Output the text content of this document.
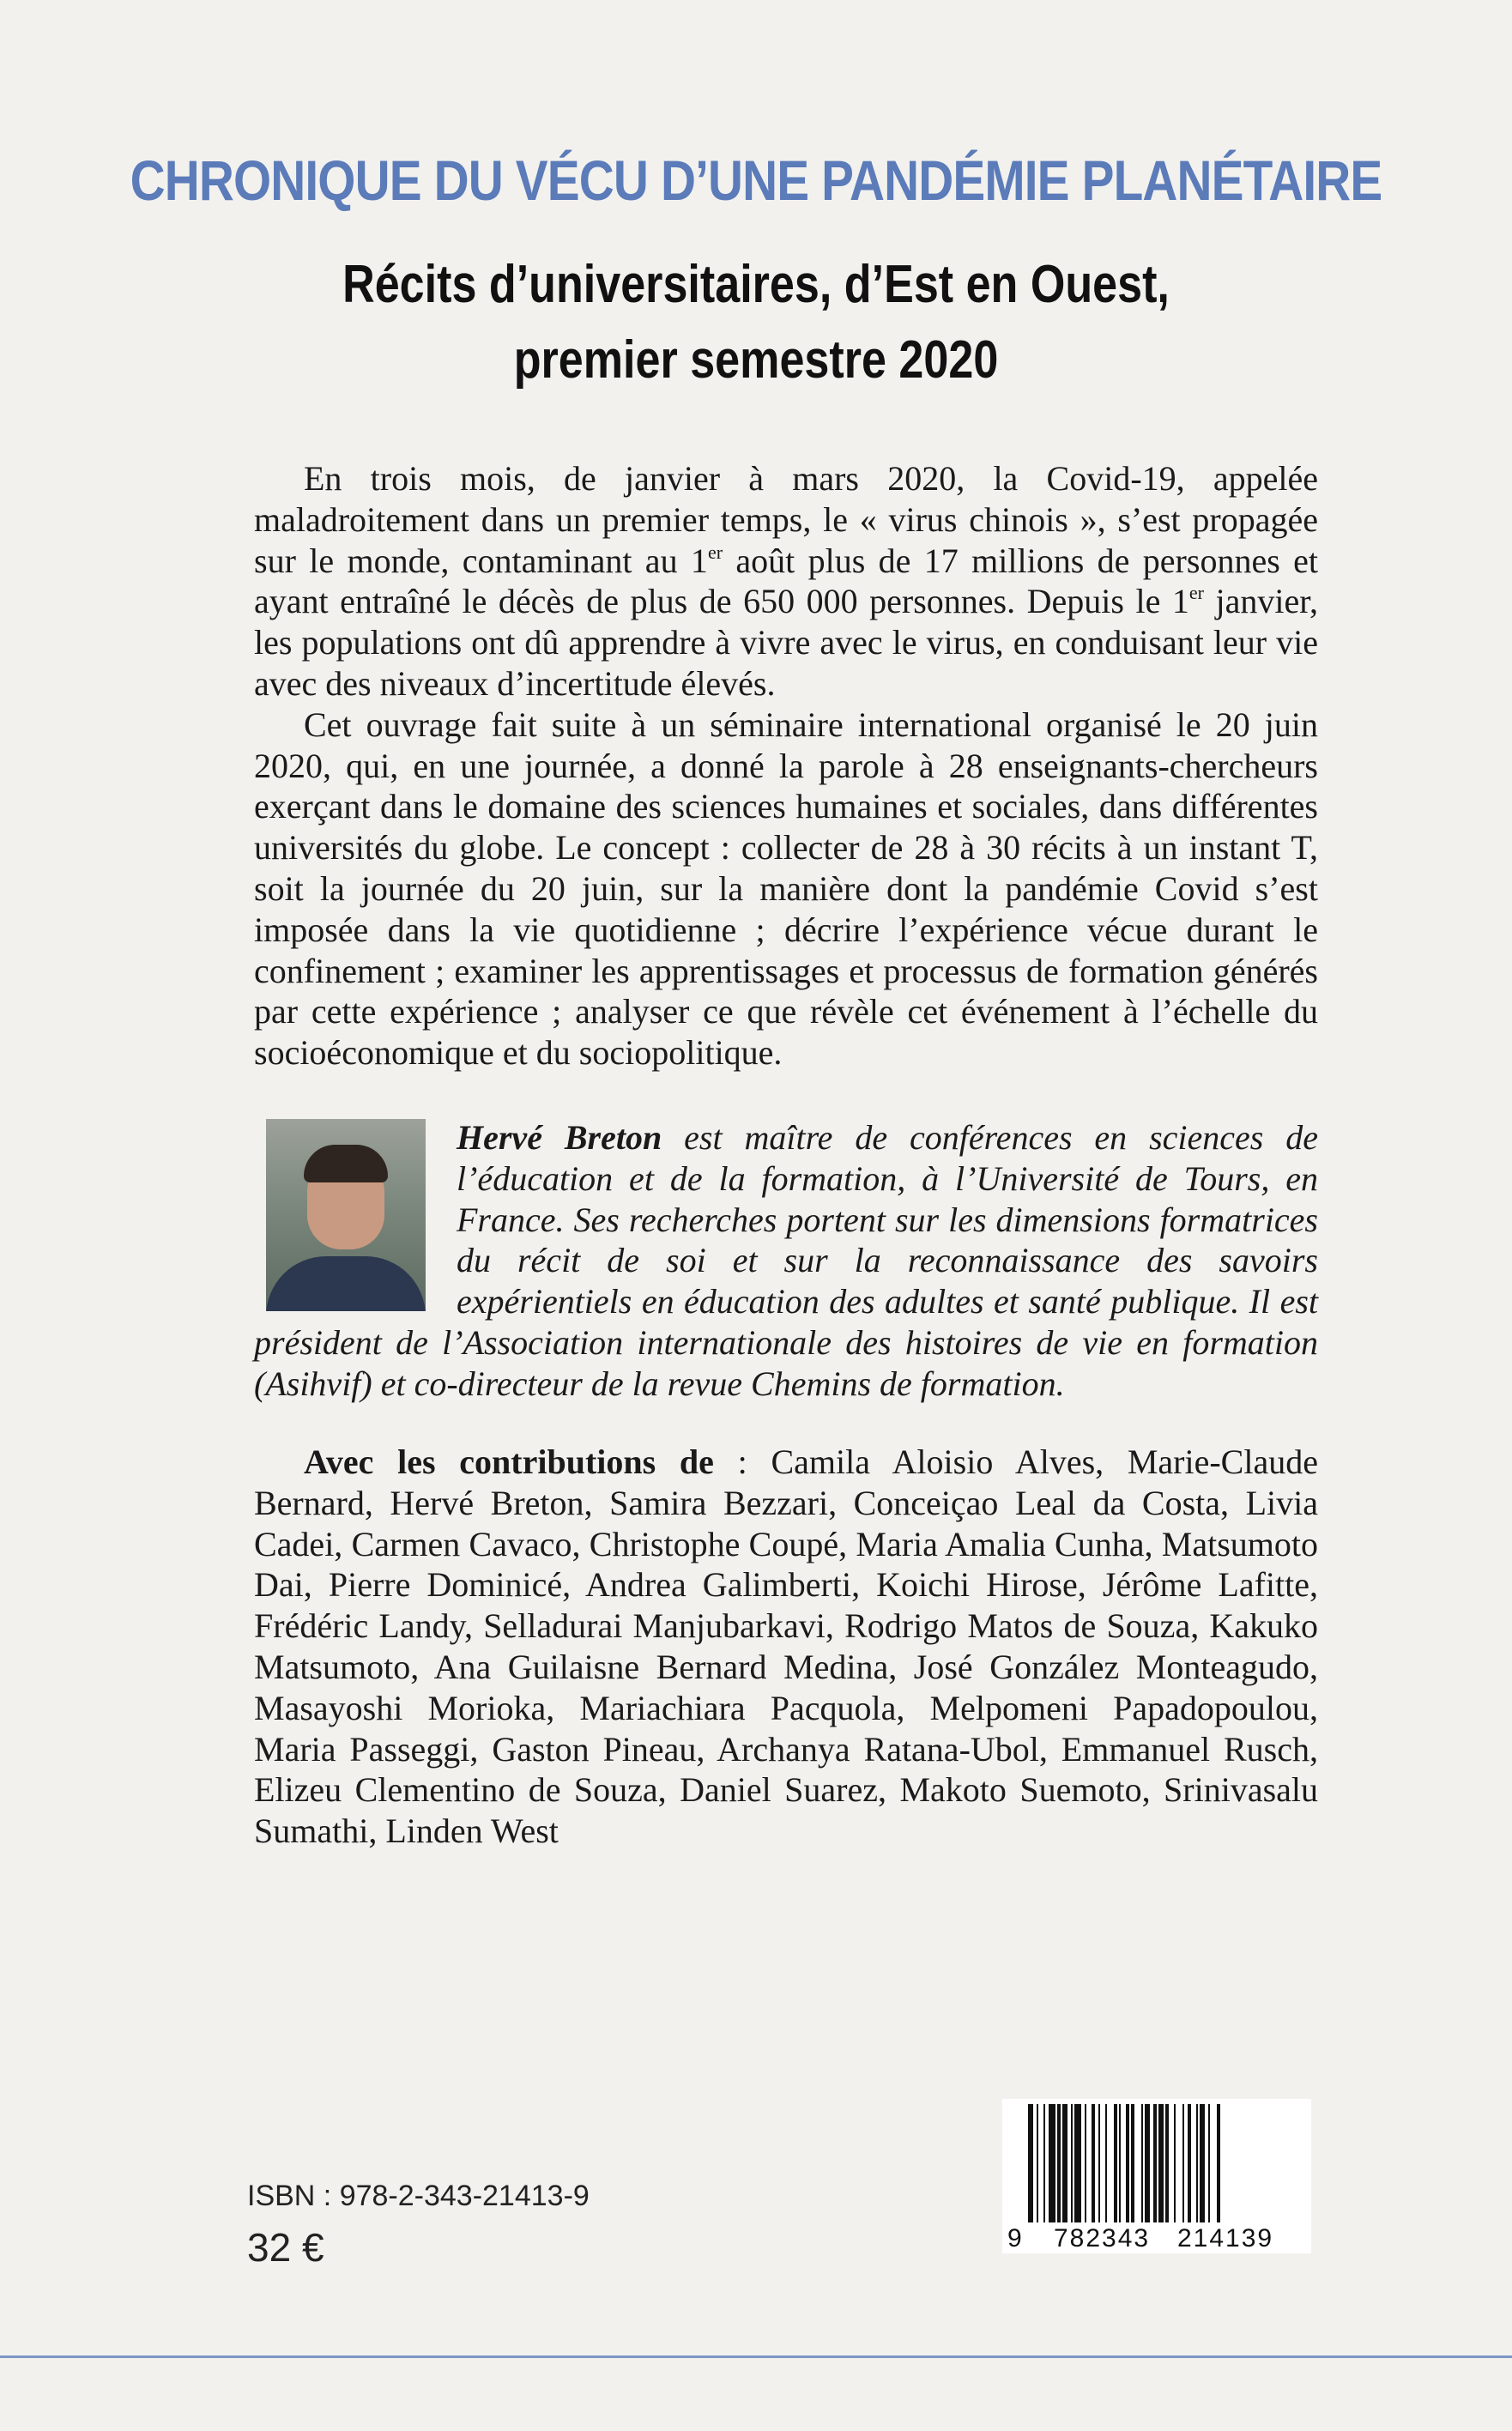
CHRONIQUE DU VÉCU D’UNE PANDÉMIE PLANÉTAIRE
Récits d’universitaires, d’Est en Ouest,
premier semestre 2020

En trois mois, de janvier à mars 2020, la Covid-19, appelée maladroitement dans un premier temps, le « virus chinois », s’est propagée sur le monde, contaminant au 1er août plus de 17 millions de personnes et ayant entraîné le décès de plus de 650 000 personnes. Depuis le 1er janvier, les populations ont dû apprendre à vivre avec le virus, en conduisant leur vie avec des niveaux d’incertitude élevés.

Cet ouvrage fait suite à un séminaire international organisé le 20 juin 2020, qui, en une journée, a donné la parole à 28 enseignants-chercheurs exerçant dans le domaine des sciences humaines et sociales, dans différentes universités du globe. Le concept : collecter de 28 à 30 récits à un instant T, soit la journée du 20 juin, sur la manière dont la pandémie Covid s’est imposée dans la vie quotidienne ; décrire l’expérience vécue durant le confinement ; examiner les apprentissages et processus de formation générés par cette expérience ; analyser ce que révèle cet événement à l’échelle du socioéconomique et du sociopolitique.

Hervé Breton est maître de conférences en sciences de l’éducation et de la formation, à l’Université de Tours, en France. Ses recherches portent sur les dimensions formatrices du récit de soi et sur la reconnaissance des savoirs expérientiels en éducation des adultes et santé publique. Il est président de l’Association internationale des histoires de vie en formation (Asihvif) et co-directeur de la revue Chemins de formation.

Avec les contributions de : Camila Aloisio Alves, Marie-Claude Bernard, Hervé Breton, Samira Bezzari, Conceiçao Leal da Costa, Livia Cadei, Carmen Cavaco, Christophe Coupé, Maria Amalia Cunha, Matsumoto Dai, Pierre Dominicé, Andrea Galimberti, Koichi Hirose, Jérôme Lafitte, Frédéric Landy, Selladurai Manjubarkavi, Rodrigo Matos de Souza, Kakuko Matsumoto, Ana Guilaisne Bernard Medina, José González Monteagudo, Masayoshi Morioka, Mariachiara Pacquola, Melpomeni Papadopoulou, Maria Passeggi, Gaston Pineau, Archanya Ratana-Ubol, Emmanuel Rusch, Elizeu Clementino de Souza, Daniel Suarez, Makoto Suemoto, Srinivasalu Sumathi, Linden West

ISBN : 978-2-343-21413-9
32 €	9 782343 214139
